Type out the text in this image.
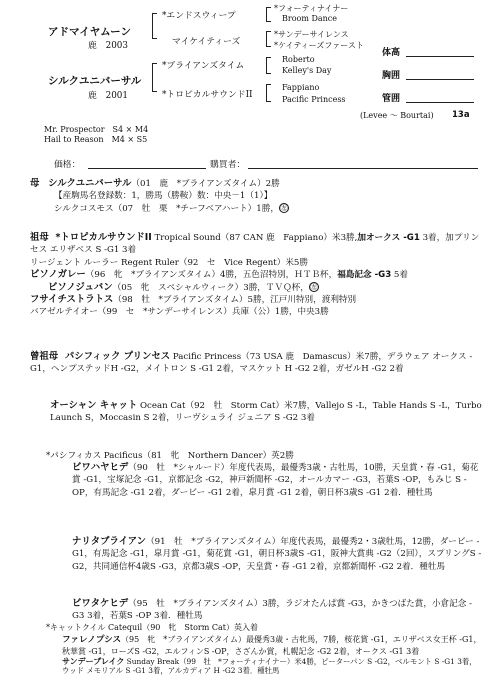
アドマイヤムーン
鹿　2003
シルクユニバーサル
鹿　2001
*エンドスウィープ
マイケイティーズ
*ブライアンズタイム
*トロピカルサウンドII
*フォーティナイナー
Broom Dance
*サンデーサイレンス
*ケイティーズファースト
Roberto
Kelley's Day
Fappiano
Pacific Princess
体高
胸囲
管囲
(Levee ～ Bourtai) 13a
Mr. Prospector　S4 × M4
Hail to Reason　M4 × S5
価格：	購買者：
母 シルクユニバーサル（01　鹿　*ブライアンズタイム）2勝
【産駒馬名登録数：1，勝馬（勝鞍）数：中央－1（1）】
シルクコスモス（07　牡　栗　*チーフベアハート）1勝， ㊧
祖母 *トロピカルサウンドII Tropical Sound（87 CAN 鹿　Fappiano）米3勝,加オークス -G1 3着，加プリンセス エリザベス S -G1 3着
リージェント ルーラー Regent Ruler（92　セ　Vice Regent）米5勝
ビソノガレー（96　牝　*ブライアンズタイム）4勝，五色沼特別，ＨＴＢ杯，福島記念 -G3 5着
ビソノジュバン（05　牝　スペシャルウィーク）3勝，ＴＶＱ杯， ㊧
フサイチストラトス（98　牡　*ブライアンズタイム）5勝，江戸川特別，渡利特別
バアゼルテイオー（99　セ　*サンデーサイレンス）兵庫（公）1勝，中央3勝
曾祖母 パシフィック プリンセス Pacific Princess（73 USA 鹿　Damascus）米7勝，デラウェア オークス -G1，ヘンプステッドH -G2，メイトロン S -G1 2着，マスケット H -G2 2着，ガゼルH -G2 2着
オーシャン キャット Ocean Cat（92　牡　Storm Cat）米7勝，Vallejo S -L，Table Hands S -L，Turbo Launch S，Moccasin S 2着，リーヴシュライ ジュニア S -G2 3着
*パシフィカス Pacificus（81　牝　Northern Dancer）英2勝
ビワハヤヒデ（90　牡　*シャルード）年度代表馬，最優秀3歳・古牡馬，10勝，天皇賞・春 -G1，菊花賞 -G1，宝塚記念 -G1，京都記念 -G2，神戸新聞杯 -G2，オールカマー -G3，若葉S -OP，もみじ S -OP，有馬記念 -G1 2着，ダービー -G1 2着，皐月賞 -G1 2着，朝日杯3歳S -G1 2着．種牡馬
ナリタブライアン（91　牡　*ブライアンズタイム）年度代表馬，最優秀2・3歳牡馬，12勝，ダービー -G1，有馬記念 -G1，皐月賞 -G1，菊花賞 -G1，朝日杯3歳S -G1，阪神大賞典 -G2（2回），スプリングS -G2，共同通信杯4歳S -G3，京都3歳S -OP，天皇賞・春 -G1 2着，京都新聞杯 -G2 2着．種牡馬
ビワタケヒデ（95　牡　*ブライアンズタイム）3勝，ラジオたんぱ賞 -G3，かきつばた賞，小倉記念 -G3 3着，若葉S -OP 3着．種牡馬
*キャットクイル Catequil（90　牝　Storm Cat）英入着
ファレノプシス（95　牝　*ブライアンズタイム）最優秀3歳・古牝馬，7勝，桜花賞 -G1，エリザベス女王杯 -G1，秋華賞 -G1，ローズS -G2，エルフィンS -OP，さざんか賞，札幌記念 -G2 2着，オークス -G1 3着
サンデーブレイク Sunday Break（99　牡　*フォーティナイナー）米4勝，ピーターパン S -G2，ベルモント S -G1 3着，ウッド メモリアル S -G1 3着，アルカディア H -G2 3着．種牡馬
